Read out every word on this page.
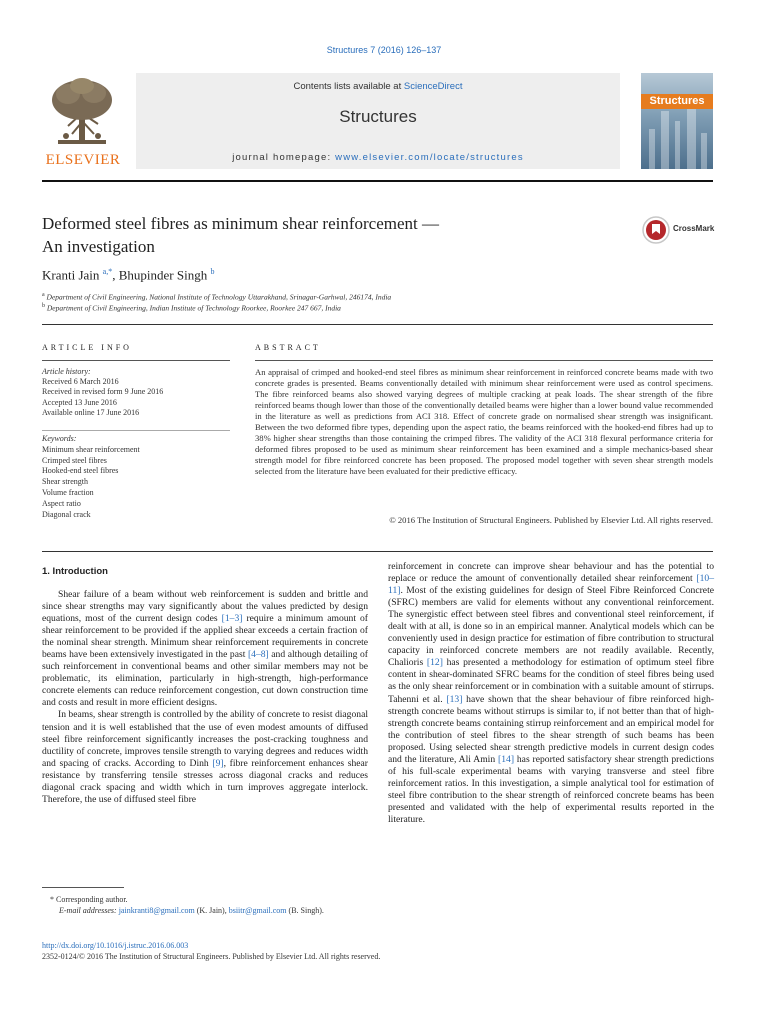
Structures 7 (2016) 126–137
ELSEVIER
Contents lists available at ScienceDirect
Structures
journal homepage: www.elsevier.com/locate/structures
Structures
Deformed steel fibres as minimum shear reinforcement —
An investigation
CrossMark
Kranti Jain $^{a,*}$, Bhupinder Singh $^b$
$^a$ Department of Civil Engineering, National Institute of Technology Uttarakhand, Srinagar-Garhwal, 246174, India
$^b$ Department of Civil Engineering, Indian Institute of Technology Roorkee, Roorkee 247 667, India
ARTICLE INFO
Article history:
Received 6 March 2016
Received in revised form 9 June 2016
Accepted 13 June 2016
Available online 17 June 2016
Keywords:
Minimum shear reinforcement
Crimped steel fibres
Hooked-end steel fibres
Shear strength
Volume fraction
Aspect ratio
Diagonal crack
ABSTRACT
An appraisal of crimped and hooked-end steel fibres as minimum shear reinforcement in reinforced concrete beams made with two concrete grades is presented. Beams conventionally detailed with minimum shear reinforcement were used as control specimens. The fibre reinforced beams also showed varying degrees of multiple cracking at peak loads. The shear strength of the fibre reinforced beams though lower than those of the conventionally detailed beams were higher than a lower bound value recommended in the literature as well as predictions from ACI 318. Effect of concrete grade on normalised shear strength was insignificant. Between the two deformed fibre types, depending upon the aspect ratio, the beams reinforced with the hooked-end fibres had up to 38% higher shear strengths than those containing the crimped fibres. The validity of the ACI 318 flexural performance criteria for deformed fibres proposed to be used as minimum shear reinforcement has been examined and a simple mechanics-based shear strength model for fibre reinforced concrete has been proposed. The proposed model together with seven shear strength models selected from the literature have been evaluated for their predictive efficacy.
© 2016 The Institution of Structural Engineers. Published by Elsevier Ltd. All rights reserved.
1. Introduction

Shear failure of a beam without web reinforcement is sudden and brittle and since shear strengths may vary significantly about the values predicted by design equations, most of the current design codes [1–3] require a minimum amount of shear reinforcement to be provided if the applied shear exceeds a certain fraction of the nominal shear strength. Minimum shear reinforcement requirements in concrete beams have been extensively investigated in the past [4–8] and although detailing of such reinforcement in conventional beams and other similar members may not be problematic, its elimination, particularly in high-strength, high-performance concrete elements can reduce reinforcement congestion, cut down construction time and costs and result in more efficient designs.

In beams, shear strength is controlled by the ability of concrete to resist diagonal tension and it is well established that the use of even modest amounts of diffused steel fibre reinforcement significantly increases the post-cracking toughness and ductility of concrete, improves tensile strength to varying degrees and reduces width and spacing of cracks. According to Dinh [9], fibre reinforcement enhances shear resistance by transferring tensile stresses across diagonal cracks and reduces diagonal crack spacing and width which in turn improves aggregate interlock. Therefore, the use of diffused steel fibre

reinforcement in concrete can improve shear behaviour and has the potential to replace or reduce the amount of conventionally detailed shear reinforcement [10–11]. Most of the existing guidelines for design of Steel Fibre Reinforced Concrete (SFRC) members are valid for elements without any conventional reinforcement. The synergistic effect between steel fibres and conventional steel reinforcement, if dealt with at all, is done so in an empirical manner. Analytical models which can be conveniently used in design practice for estimation of fibre contribution to structural capacity in reinforced concrete members are not readily available. Recently, Chalioris [12] has presented a methodology for estimation of optimum steel fibre content in shear-dominated SFRC beams for the condition of steel fibres being used as the only shear reinforcement or in combination with a suitable amount of stirrups. Tahenni et al. [13] have shown that the shear behaviour of fibre reinforced high-strength concrete beams without stirrups is similar to, if not better than that of high-strength concrete beams containing stirrup reinforcement and an empirical model for the contribution of steel fibres to the shear strength of such beams has been proposed. Using selected shear strength predictive models in current design codes and the literature, Ali Amin [14] has reported satisfactory shear strength predictions of his full-scale experimental beams with varying transverse and steel fibre reinforcement ratios. In this investigation, a simple analytical tool for estimation of steel fibre contribution to the shear strength of reinforced concrete beams has been presented and validated with the help of experimental results reported in the literature.

* Corresponding author.
E-mail addresses: jainkranti8@gmail.com (K. Jain), bsiitr@gmail.com (B. Singh).
http://dx.doi.org/10.1016/j.istruc.2016.06.003
2352-0124/© 2016 The Institution of Structural Engineers. Published by Elsevier Ltd. All rights reserved.
